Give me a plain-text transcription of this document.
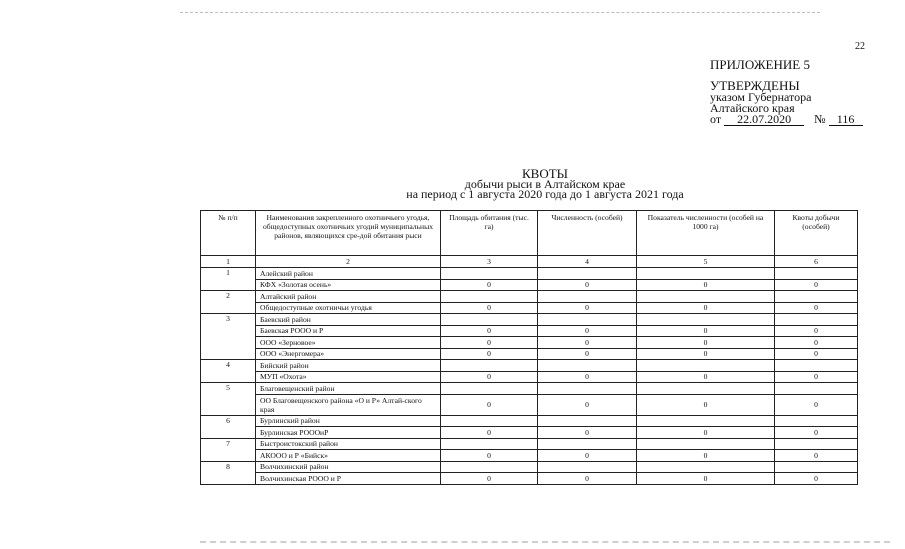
22
ПРИЛОЖЕНИЕ 5
УТВЕРЖДЕНЫ
указом Губернатора
Алтайского края
от 22.07.2020 № 116
КВОТЫ
добычи рыси в Алтайском крае
на период с 1 августа 2020 года до 1 августа 2021 года
№ п/п	Наименования закрепленного охотничьего угодья, общедоступных охотничьих угодий муниципальных районов, являющихся сре-дой обитания рыси	Площадь обитания (тыс. га)	Численность (особей)	Показатель численности (особей на 1000 га)	Квоты добычи (особей)
1	2	3	4	5	6
1	Алейский район				
	КФХ «Золотая осень»	0	0	0	0
2	Алтайский район				
	Общедоступные охотничьи угодья	0	0	0	0
3	Баевский район				
	Баевская РООО и Р	0	0	0	0
	ООО «Зерновое»	0	0	0	0
	ООО «Энергомера»	0	0	0	0
4	Бийский район				
	МУП «Охота»	0	0	0	0
5	Благовещенский район				
	ОО Благовещенского района «О и Р» Алтай-ского края	0	0	0	0
6	Бурлинский район				
	Бурлинская РОООиР	0	0	0	0
7	Быстроистокский район				
	АКООО и Р «Бийск»	0	0	0	0
8	Волчихинский район				
	Волчихинская РООО и Р	0	0	0	0
